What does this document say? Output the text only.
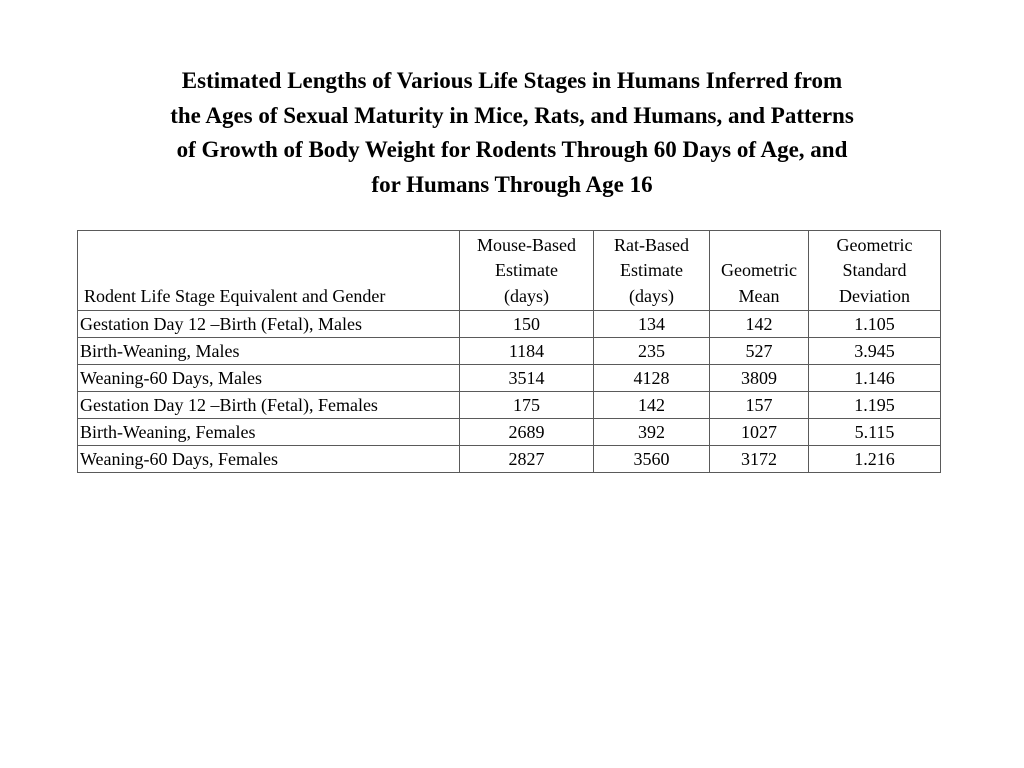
Estimated Lengths of Various Life Stages in Humans Inferred from
the Ages of Sexual Maturity in Mice, Rats, and Humans, and Patterns
of Growth of Body Weight for Rodents Through 60 Days of Age, and
for Humans Through Age 16
Rodent Life Stage Equivalent and Gender	Mouse-Based
Estimate
(days)	Rat-Based
Estimate
(days)	Geometric
Mean	Geometric
Standard
Deviation

Gestation Day 12 –Birth (Fetal), Males	150	134	142	1.105
Birth-Weaning, Males	1184	235	527	3.945
Weaning-60 Days, Males	3514	4128	3809	1.146
Gestation Day 12 –Birth (Fetal), Females	175	142	157	1.195
Birth-Weaning, Females	2689	392	1027	5.115
Weaning-60 Days, Females	2827	3560	3172	1.216
